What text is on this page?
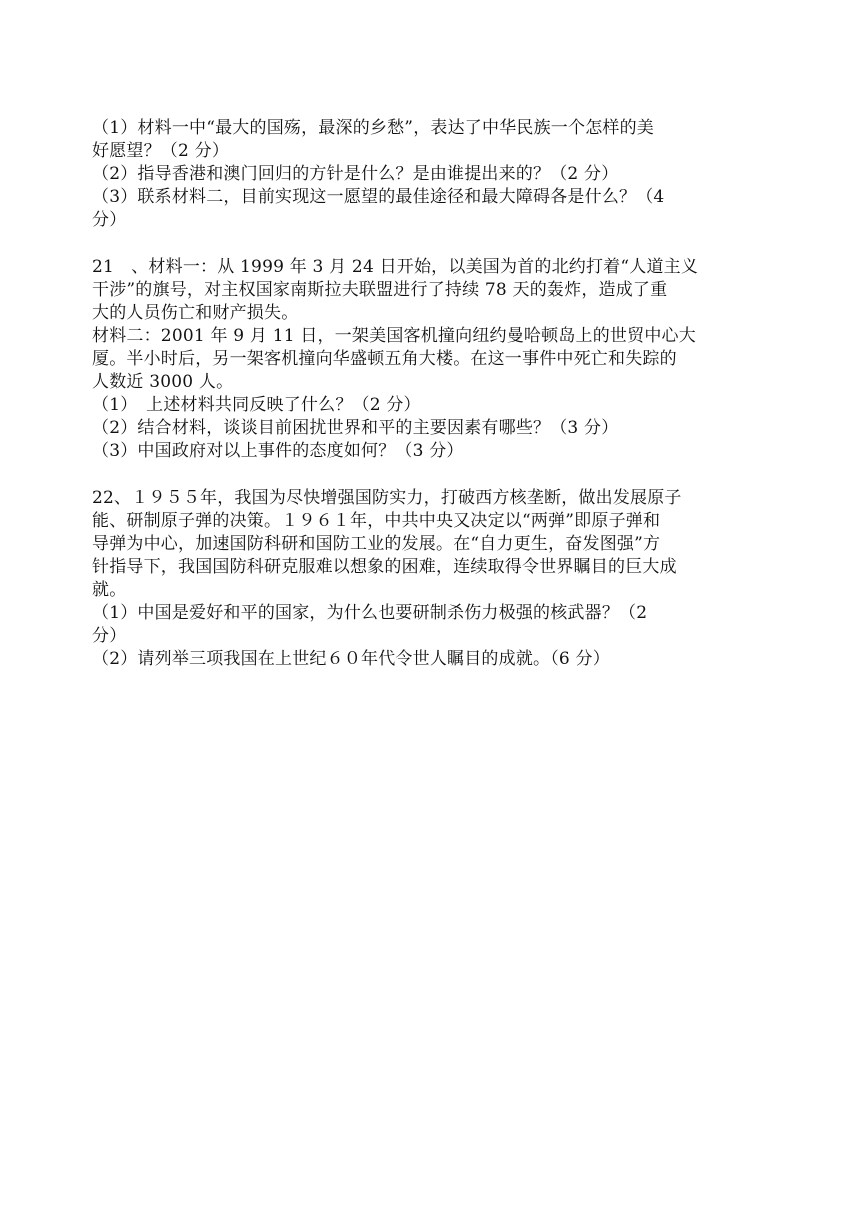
（1）材料一中“最大的国殇，最深的乡愁”，表达了中华民族一个怎样的美
好愿望？（2 分）
（2）指导香港和澳门回归的方针是什么？是由谁提出来的？（2 分）
（3）联系材料二，目前实现这一愿望的最佳途径和最大障碍各是什么？（4
分）
21　、材料一：从 1999 年 3 月 24 日开始，以美国为首的北约打着“人道主义
干涉”的旗号，对主权国家南斯拉夫联盟进行了持续 78 天的轰炸，造成了重
大的人员伤亡和财产损失。
材料二：2001 年 9 月 11 日，一架美国客机撞向纽约曼哈顿岛上的世贸中心大
厦。半小时后，另一架客机撞向华盛顿五角大楼。在这一事件中死亡和失踪的
人数近 3000 人。
（1）　上述材料共同反映了什么？（2 分）
（2）结合材料，谈谈目前困扰世界和平的主要因素有哪些？（3 分）
（3）中国政府对以上事件的态度如何？（3 分）
22、１９５５年，我国为尽快增强国防实力，打破西方核垄断，做出发展原子
能、研制原子弹的决策。１９６１年，中共中央又决定以“两弹”即原子弹和
导弹为中心，加速国防科研和国防工业的发展。在“自力更生，奋发图强”方
针指导下，我国国防科研克服难以想象的困难，连续取得令世界瞩目的巨大成
就。
（1）中国是爱好和平的国家，为什么也要研制杀伤力极强的核武器？（2
分）
（2）请列举三项我国在上世纪６０年代令世人瞩目的成就。（6 分）
